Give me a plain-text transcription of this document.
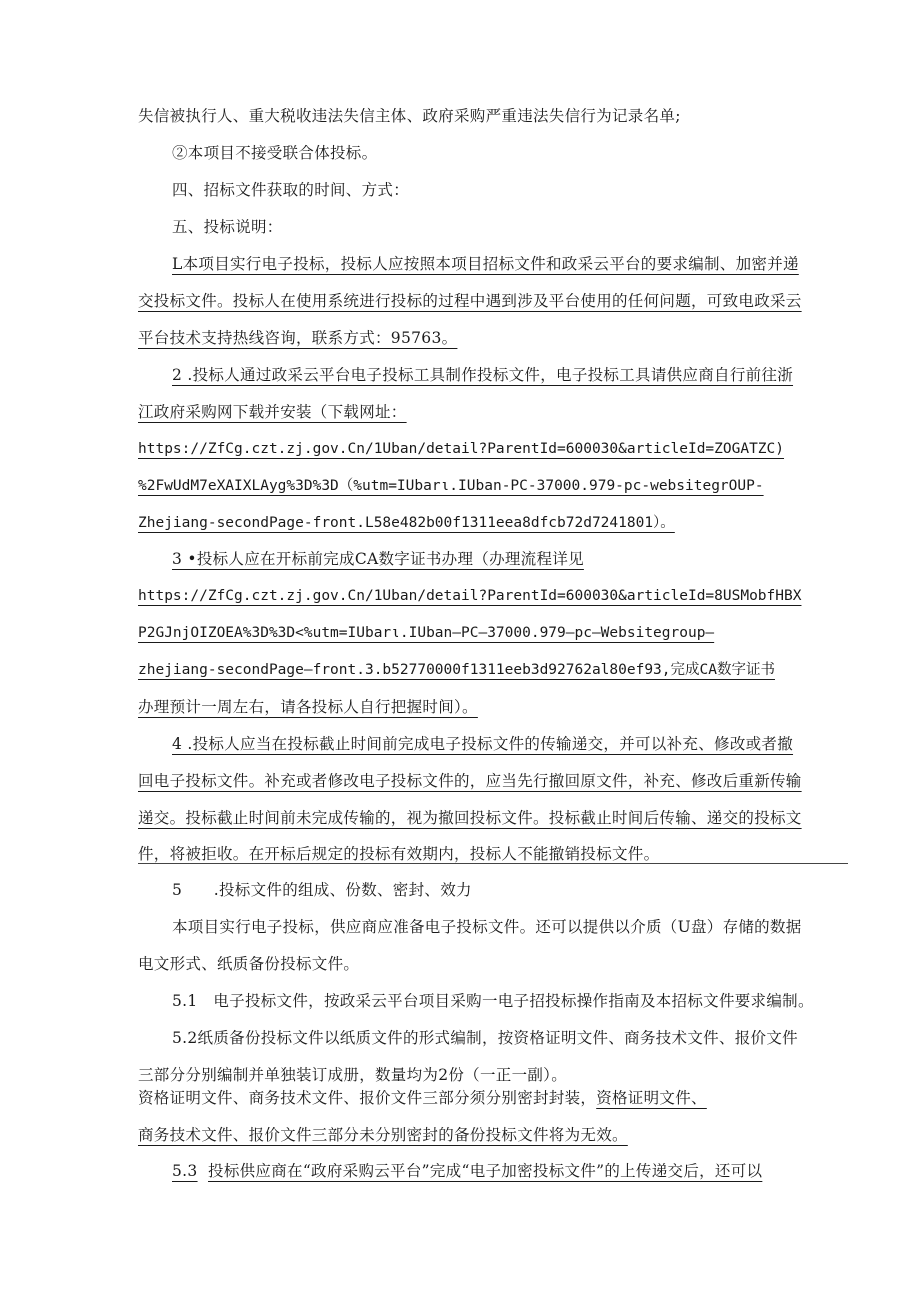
失信被执行人、重大税收违法失信主体、政府采购严重违法失信行为记录名单;
②本项目不接受联合体投标。
四、招标文件获取的时间、方式：
五、投标说明：
L本项目实行电子投标，投标人应按照本项目招标文件和政采云平台的要求编制、加密并递
交投标文件。投标人在使用系统进行投标的过程中遇到涉及平台使用的任何问题，可致电政采云
平台技术支持热线咨询，联系方式：95763。
2 .投标人通过政采云平台电子投标工具制作投标文件，电子投标工具请供应商自行前往浙
江政府采购网下载并安装（下载网址：
https://ZfCg.czt.zj.gov.Cn/1Uban/detail?ParentId=600030&articleId=ZOGATZC)
%2FwUdM7eXAIXLAyg%3D%3D（%utm=IUbarι.IUban-PC-37000.979-pc-websitegrOUP-
Zhejiang-secondPage-front.L58e482b00f1311eea8dfcb72d7241801）。
3 •投标人应在开标前完成CA数字证书办理（办理流程详见
https://ZfCg.czt.zj.gov.Cn/1Uban/detail?ParentId=600030&articleId=8USMobfHBX
P2GJnjOIZOEA%3D%3D<%utm=IUbarι.IUban—PC—37000.979—pc—Websitegroup—
zhejiang-secondPage—front.3.b52770000f1311eeb3d92762al80ef93,完成CA数字证书
办理预计一周左右，请各投标人自行把握时间）。
4 .投标人应当在投标截止时间前完成电子投标文件的传输递交，并可以补充、修改或者撤
回电子投标文件。补充或者修改电子投标文件的，应当先行撤回原文件，补充、修改后重新传输
递交。投标截止时间前未完成传输的，视为撤回投标文件。投标截止时间后传输、递交的投标文
件，将被拒收。在开标后规定的投标有效期内，投标人不能撤销投标文件。
5　　.投标文件的组成、份数、密封、效力
本项目实行电子投标，供应商应准备电子投标文件。还可以提供以介质（U盘）存储的数据
电文形式、纸质备份投标文件。
5.1　电子投标文件，按政采云平台项目采购一电子招投标操作指南及本招标文件要求编制。
5.2纸质备份投标文件以纸质文件的形式编制，按资格证明文件、商务技术文件、报价文件
三部分分别编制并单独装订成册，数量均为2份（一正一副）。
资格证明文件、商务技术文件、报价文件三部分须分别密封封装，资格证明文件、
商务技术文件、报价文件三部分未分别密封的备份投标文件将为无效。
5.3 投标供应商在“政府采购云平台”完成“电子加密投标文件”的上传递交后，还可以
